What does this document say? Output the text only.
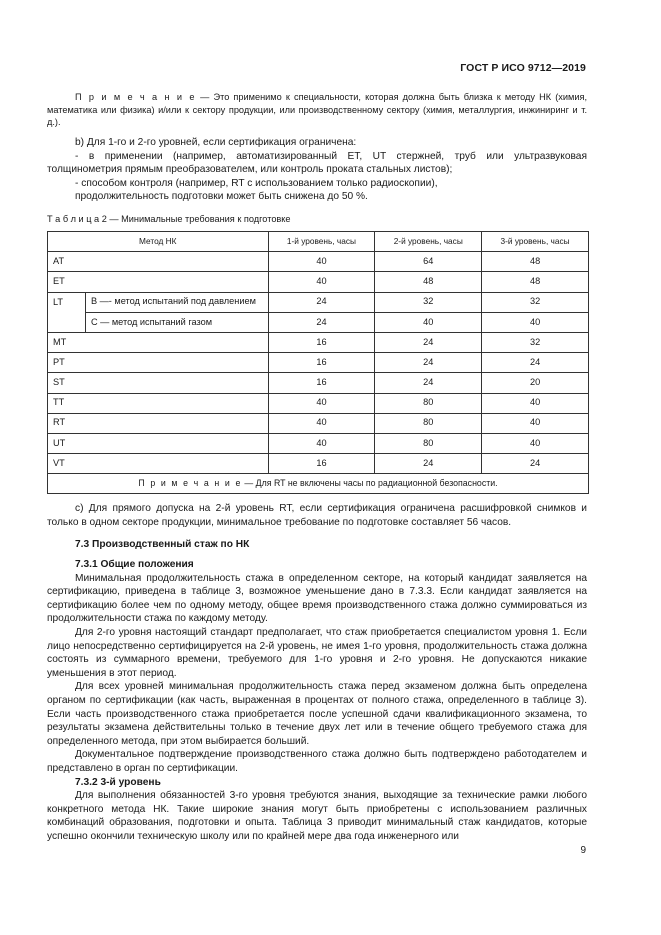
ГОСТ Р ИСО 9712—2019

П р и м е ч а н и е — Это применимо к специальности, которая должна быть близка к методу НК (химия, математика или физика) и/или к сектору продукции, или производственному сектору (химия, металлургия, инжиниринг и т. д.).

b) Для 1-го и 2-го уровней, если сертификация ограничена:

- в применении (например, автоматизированный ЕТ, UT стержней, труб или ультразвуковая толщинометрия прямым преобразователем, или контроль проката стальных листов);

- способом контроля (например, RT с использованием только радиоскопии),

продолжительность подготовки может быть снижена до 50 %.

Т а б л и ц а 2 — Минимальные требования к подготовке
Метод НК		1-й уровень, часы	2-й уровень, часы	3-й уровень, часы
AT		40	64	48
ET		40	48	48
LT	В —- метод испытаний под давлением	24	32	32
	С — метод испытаний газом	24	40	40
МТ		16	24	32
PT		16	24	24
ST		16	24	20
TT		40	80	40
RT		40	80	40
UT		40	80	40
VT		16	24	24
П р и м е ч а н и е — Для RT не включены часы по радиационной безопасности.				

с) Для прямого допуска на 2-й уровень RT, если сертификация ограничена расшифровкой снимков и только в одном секторе продукции, минимальное требование по подготовке составляет 56 часов.

7.3 Производственный стаж по НК

7.3.1 Общие положения

Минимальная продолжительность стажа в определенном секторе, на который кандидат заявляется на сертификацию, приведена в таблице 3, возможное уменьшение дано в 7.3.3. Если кандидат заявляется на сертификацию более чем по одному методу, общее время производственного стажа должно суммироваться из продолжительности стажа по каждому методу.

Для 2-го уровня настоящий стандарт предполагает, что стаж приобретается специалистом уровня 1. Если лицо непосредственно сертифицируется на 2-й уровень, не имея 1-го уровня, продолжительность стажа должна состоять из суммарного времени, требуемого для 1-го уровня и 2-го уровня. Не допускаются никакие уменьшения в этот период.

Для всех уровней минимальная продолжительность стажа перед экзаменом должна быть определена органом по сертификации (как часть, выраженная в процентах от полного стажа, определенного в таблице 3). Если часть производственного стажа приобретается после успешной сдачи квалификационного экзамена, то результаты экзамена действительны только в течение двух лет или в течение общего требуемого стажа для определенного метода, при этом выбирается больший.

Документальное подтверждение производственного стажа должно быть подтверждено работодателем и представлено в орган по сертификации.

7.3.2 3-й уровень

Для выполнения обязанностей 3-го уровня требуются знания, выходящие за технические рамки любого конкретного метода НК. Такие широкие знания могут быть приобретены с использованием различных комбинаций образования, подготовки и опыта. Таблица 3 приводит минимальный стаж кандидатов, которые успешно окончили техническую школу или по крайней мере два года инженерного или

9
